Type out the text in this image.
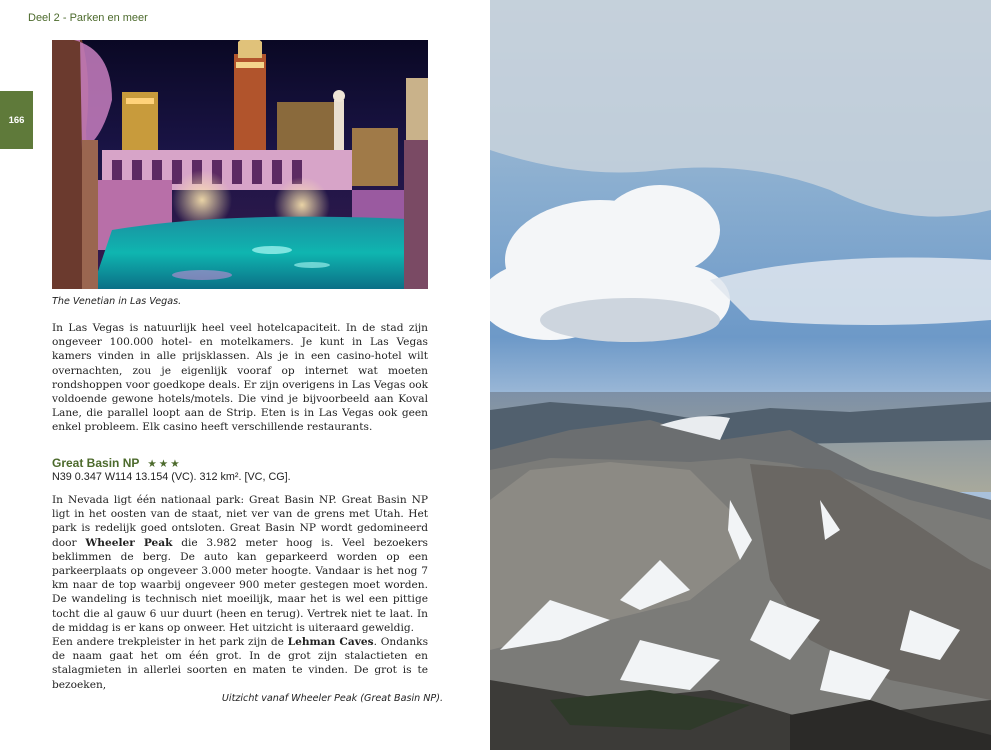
Deel 2 - Parken en meer
166
The Venetian in Las Vegas.

In Las Vegas is natuurlijk heel veel hotelcapaciteit. In de stad zijn ongeveer 100.000 hotel- en motelkamers. Je kunt in Las Vegas kamers vinden in alle prijsklassen. Als je in een casino-hotel wilt overnachten, zou je eigenlijk vooraf op internet wat moeten rondshoppen voor goedkope deals. Er zijn overigens in Las Vegas ook voldoende gewone hotels/motels. Die vind je bijvoorbeeld aan Koval Lane, die parallel loopt aan de Strip. Eten is in Las Vegas ook geen enkel probleem. Elk casino heeft verschillende restaurants.

Great Basin NP ★★★
N39 0.347 W114 13.154 (VC). 312 km². [VC, CG].

In Nevada ligt één nationaal park: Great Basin NP. Great Basin NP ligt in het oosten van de staat, niet ver van de grens met Utah. Het park is redelijk goed ontsloten. Great Basin NP wordt gedomineerd door Wheeler Peak die 3.982 meter hoog is. Veel bezoekers beklimmen de berg. De auto kan geparkeerd worden op een parkeerplaats op ongeveer 3.000 meter hoogte. Vandaar is het nog 7 km naar de top waarbij ongeveer 900 meter gestegen moet worden. De wandeling is technisch niet moeilijk, maar het is wel een pittige tocht die al gauw 6 uur duurt (heen en terug). Vertrek niet te laat. In de middag is er kans op onweer. Het uitzicht is uiteraard geweldig.

Een andere trekpleister in het park zijn de Lehman Caves. Ondanks de naam gaat het om één grot. In de grot zijn stalactieten en stalagmieten in allerlei soorten en maten te vinden. De grot is te bezoeken,

Uitzicht vanaf Wheeler Peak (Great Basin NP).
